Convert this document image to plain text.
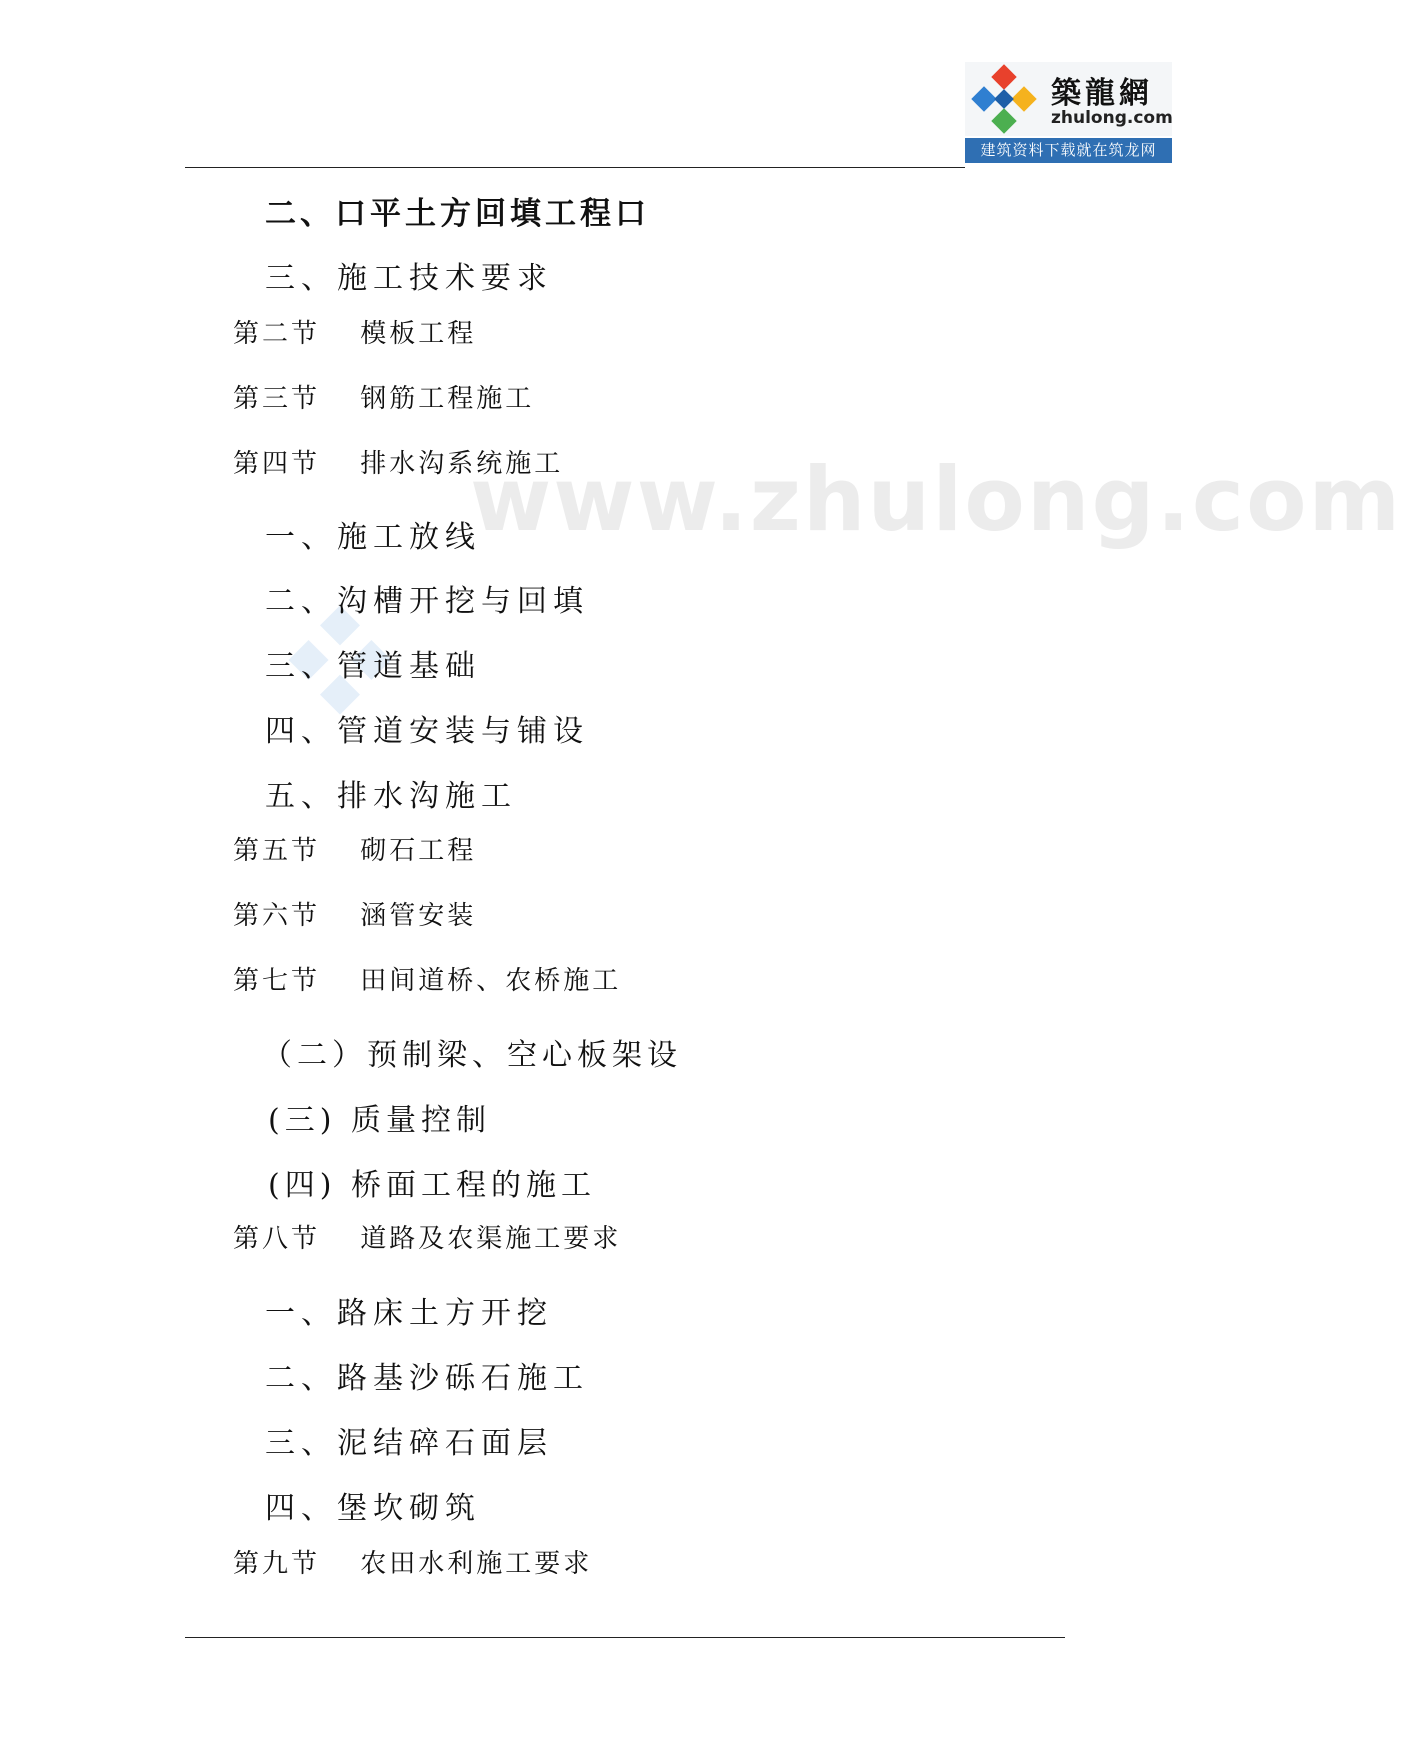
築龍網
zhulong.com
建筑资料下载就在筑龙网
www.zhulong.com
二、口平土方回填工程口
三、施工技术要求
第二节　 模板工程
第三节　 钢筋工程施工
第四节　 排水沟系统施工
一、施工放线
二、沟槽开挖与回填
三、管道基础
四、管道安装与铺设
五、排水沟施工
第五节　 砌石工程
第六节　 涵管安装
第七节　 田间道桥、农桥施工
（二）预制梁、空心板架设
(三) 质量控制
(四) 桥面工程的施工
第八节　 道路及农渠施工要求
一、路床土方开挖
二、路基沙砾石施工
三、泥结碎石面层
四、堡坎砌筑
第九节　 农田水利施工要求
